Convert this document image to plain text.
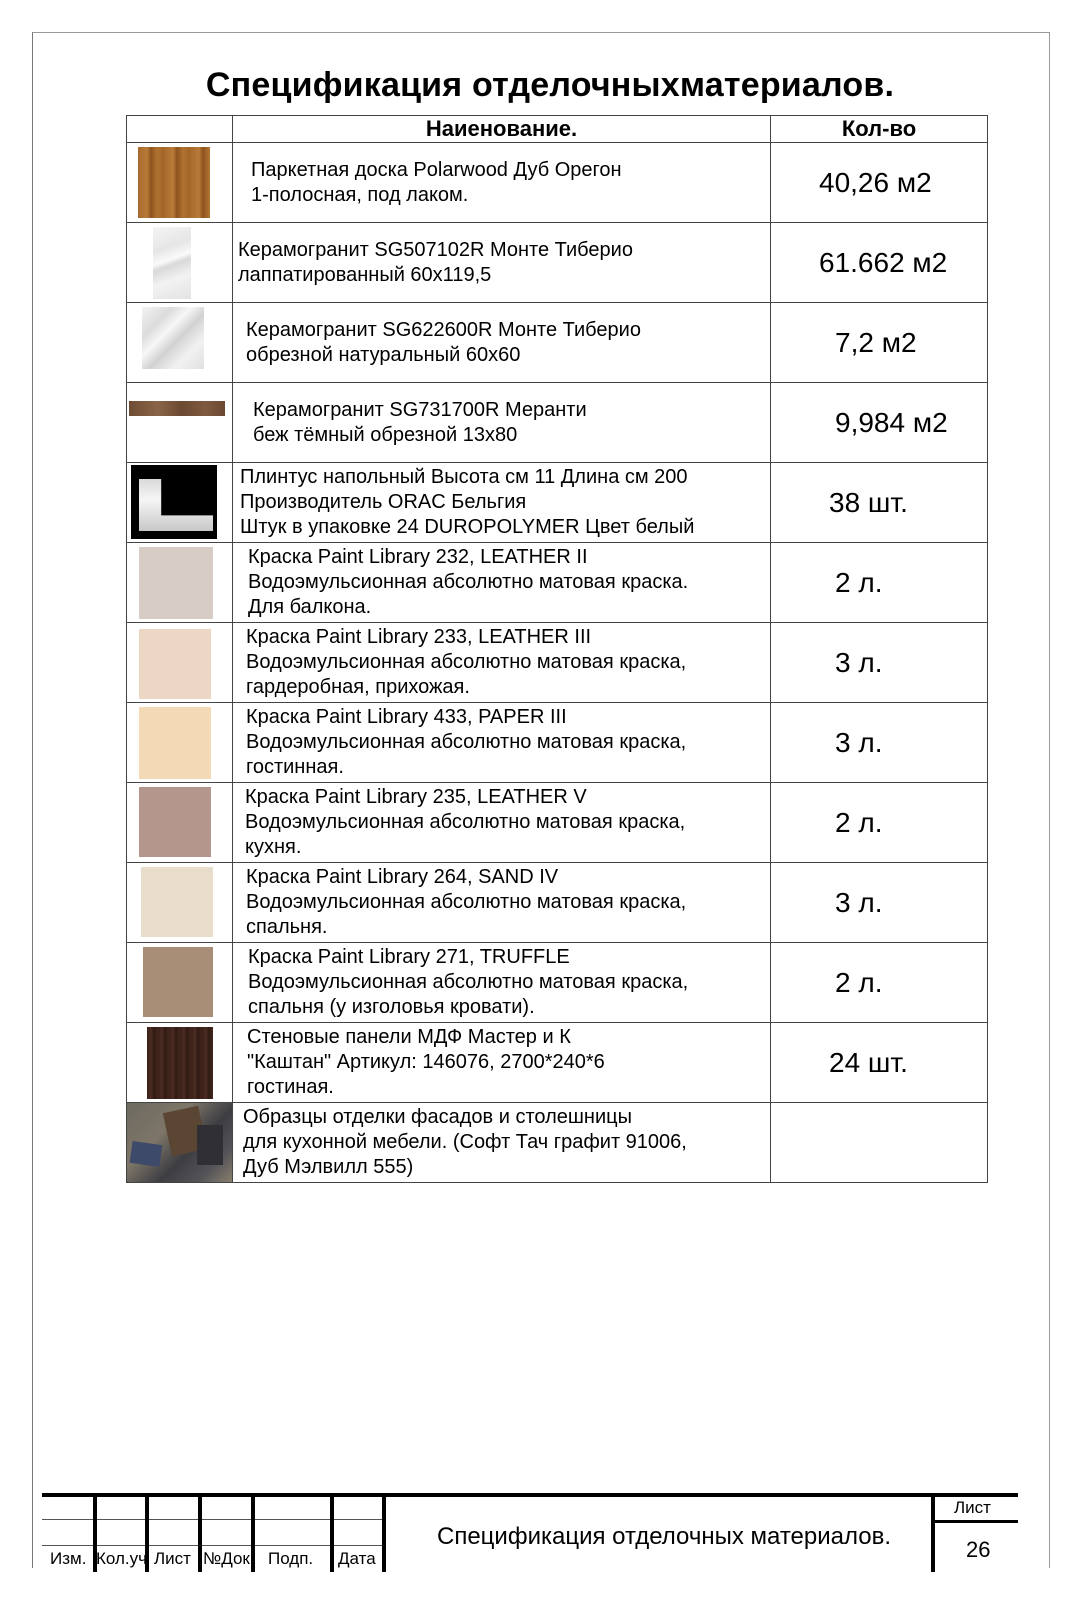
Спецификация отделочныхматериалов.
	Наиенование.	Кол-во

	Паркетная доска Polarwood Дуб Орегон
1-полосная, под лаком.	40,26 м2

	Керамогранит SG507102R Монте Тиберио
лаппатированный 60х119,5	61.662 м2

	Керамогранит SG622600R Монте Тиберио
обрезной натуральный 60х60	7,2 м2

	Керамогранит SG731700R Меранти
беж тёмный обрезной 13х80	9,984 м2

	Плинтус напольный Высота см 11 Длина см 200
Производитель ORAC Бельгия
Штук в упаковке 24 DUROPOLYMER Цвет белый	38 шт.

	Краска Paint Library 232, LEATHER II
Водоэмульсионная абсолютно матовая краска.
Для балкона.	2 л.

	Краска Paint Library 233, LEATHER III
Водоэмульсионная абсолютно матовая краска,
гардеробная, прихожая.	3 л.

	Краска Paint Library 433, PAPER III
Водоэмульсионная абсолютно матовая краска,
гостинная.	3 л.

	Краска Paint Library 235, LEATHER V
Водоэмульсионная абсолютно матовая краска,
кухня.	2 л.

	Краска Paint Library 264, SAND IV
Водоэмульсионная абсолютно матовая краска,
спальня.	3 л.

	Краска Paint Library 271, TRUFFLE
Водоэмульсионная абсолютно матовая краска,
спальня (у изголовья кровати).	2 л.

	Стеновые панели МДФ Мастер и К
"Каштан" Артикул: 146076, 2700*240*6
гостиная.	24 шт.

	Образцы отделки фасадов и столешницы
для кухонной мебели. (Софт Тач графит 91006,
Дуб Мэлвилл 555)	

Изм. Кол.уч Лист №Док Подп. Дата
Спецификация отделочных материалов.
Лист
26
